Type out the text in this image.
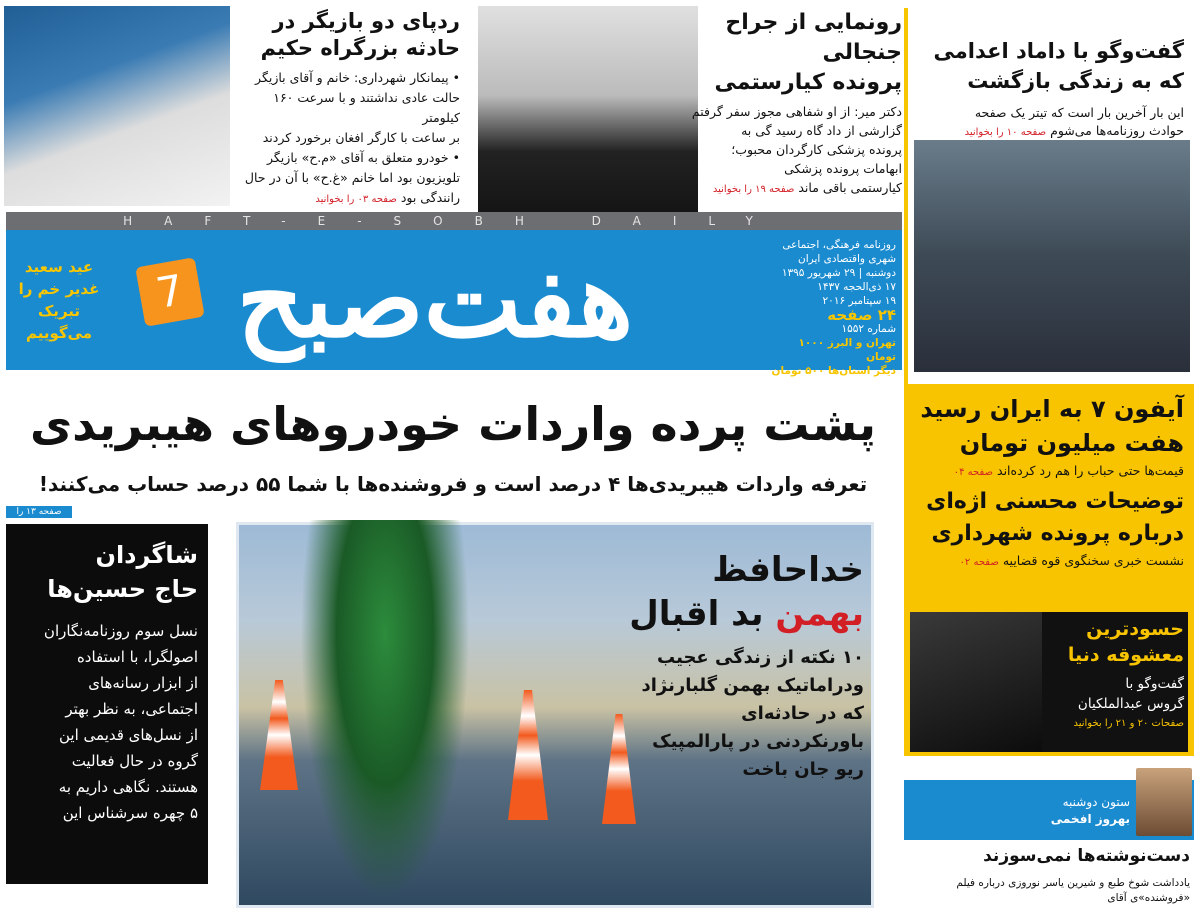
ردپای دو بازیگر در
حادثه بزرگراه حکیم

• پیمانکار شهرداری: خانم و آقای بازیگر
حالت عادی نداشتند و با سرعت ۱۶۰ کیلومتر
بر ساعت با کارگر افغان برخورد کردند
• خودرو متعلق به آقای «م.ح» بازیگر
تلویزیون بود اما خانم «غ.ح» با آن در حال
رانندگی بود صفحه ۰۳ را بخوانید

رونمایی از جراح جنجالی
پرونده کیارستمی

دکتر میر: از او شفاهی مجوز سفر گرفتم
گزارشی از داد گاه رسید گی به
پرونده پزشکی کارگردان محبوب؛
ابهامات پرونده پزشکی
کیارستمی باقی ماند صفحه ۱۹ را بخوانید

گفت‌وگو با داماد اعدامی
که به زندگی بازگشت

این بار آخرین بار است که تیتر یک صفحه
حوادث روزنامه‌ها می‌شوم صفحه ۱۰ را بخوانید

HAFT-E-SOBH DAILY
هفت‌صبح
7
روزنامه فرهنگی، اجتماعی
شهری واقتصادی ایران
دوشنبه | ۲۹ شهریور ۱۳۹۵
۱۷ ذی‌الحجه ۱۴۳۷
۱۹ سپتامبر ۲۰۱۶
۲۴ صفحه
شماره ۱۵۵۲
تهران و البرز ۱۰۰۰ تومان
دیگر استان‌ها ۵۰۰ تومان
عید سعید
غدیر خم را
تبریک
می‌گوییم
پشت پرده واردات خودروهای هیبریدی
تعرفه واردات هیبریدی‌ها ۴ درصد است و فروشنده‌ها با شما ۵۵ درصد حساب می‌کنند!
صفحه ۱۳ را
شاگردان
حاج حسین‌ها

نسل سوم روزنامه‌نگاران
اصولگرا، با استفاده
از ابزار رسانه‌های
اجتماعی، به نظر بهتر
از نسل‌های قدیمی این
گروه در حال فعالیت
هستند. نگاهی داریم به
۵ چهره سرشناس این

خداحافظ
بهمن بد اقبال

۱۰ نکته از زندگی عجیب
ودراماتیک بهمن گلبارنژاد
که در حادثه‌ای
باورنکردنی در پارالمپیک
ریو جان باخت

آیفون ۷ به ایران رسید
هفت میلیون تومان
قیمت‌ها حتی حباب را هم رد کرده‌اند صفحه ۰۴
توضیحات محسنی اژه‌ای
درباره پرونده شهرداری
نشست خبری سخنگوی قوه قضاییه صفحه ۰۲
حسودترین
معشوقه دنیا

گفت‌وگو با
گروس عبدالملکیان
صفحات ۲۰ و ۲۱ را بخوانید

ستون دوشنبه
بهروز افخمی
دست‌نوشته‌ها نمی‌سوزند
یادداشت شوخ طبع و شیرین یاسر نوروزی درباره فیلم «فروشنده»ی آقای
